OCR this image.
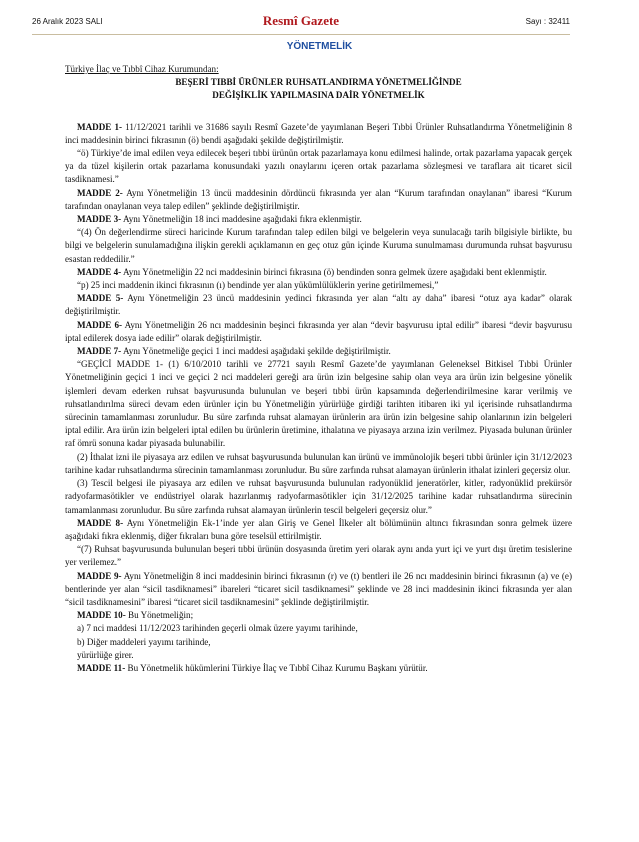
26 Aralık 2023 SALI	Resmî Gazete	Sayı : 32411
YÖNETMELİK

Türkiye İlaç ve Tıbbî Cihaz Kurumundan:

BEŞERİ TIBBİ ÜRÜNLER RUHSATLANDIRMA YÖNETMELİĞİNDE

DEĞİŞİKLİK YAPILMASINA DAİR YÖNETMELİK

MADDE 1- 11/12/2021 tarihli ve 31686 sayılı Resmî Gazete’de yayımlanan Beşeri Tıbbi Ürünler Ruhsatlandırma Yönetmeliğinin 8 inci maddesinin birinci fıkrasının (ö) bendi aşağıdaki şekilde değiştirilmiştir.

“ö) Türkiye’de imal edilen veya edilecek beşeri tıbbi ürünün ortak pazarlamaya konu edilmesi halinde, ortak pazarlama yapacak gerçek ya da tüzel kişilerin ortak pazarlama konusundaki yazılı onaylarını içeren ortak pazarlama sözleşmesi ve taraflara ait ticaret sicil tasdiknamesi.”

MADDE 2- Aynı Yönetmeliğin 13 üncü maddesinin dördüncü fıkrasında yer alan “Kurum tarafından onaylanan” ibaresi “Kurum tarafından onaylanan veya talep edilen” şeklinde değiştirilmiştir.

MADDE 3- Aynı Yönetmeliğin 18 inci maddesine aşağıdaki fıkra eklenmiştir.

“(4) Ön değerlendirme süreci haricinde Kurum tarafından talep edilen bilgi ve belgelerin veya sunulacağı tarih bilgisiyle birlikte, bu bilgi ve belgelerin sunulamadığına ilişkin gerekli açıklamanın en geç otuz gün içinde Kuruma sunulmaması durumunda ruhsat başvurusu esastan reddedilir.”

MADDE 4- Aynı Yönetmeliğin 22 nci maddesinin birinci fıkrasına (ö) bendinden sonra gelmek üzere aşağıdaki bent eklenmiştir.

“p) 25 inci maddenin ikinci fıkrasının (ı) bendinde yer alan yükümlülüklerin yerine getirilmemesi,”

MADDE 5- Aynı Yönetmeliğin 23 üncü maddesinin yedinci fıkrasında yer alan “altı ay daha” ibaresi “otuz aya kadar” olarak değiştirilmiştir.

MADDE 6- Aynı Yönetmeliğin 26 ncı maddesinin beşinci fıkrasında yer alan “devir başvurusu iptal edilir” ibaresi “devir başvurusu iptal edilerek dosya iade edilir” olarak değiştirilmiştir.

MADDE 7- Aynı Yönetmeliğe geçici 1 inci maddesi aşağıdaki şekilde değiştirilmiştir.

“GEÇİCİ MADDE 1- (1) 6/10/2010 tarihli ve 27721 sayılı Resmî Gazete’de yayımlanan Geleneksel Bitkisel Tıbbi Ürünler Yönetmeliğinin geçici 1 inci ve geçici 2 nci maddeleri gereği ara ürün izin belgesine sahip olan veya ara ürün izin belgesine yönelik işlemleri devam ederken ruhsat başvurusunda bulunulan ve beşeri tıbbi ürün kapsamında değerlendirilmesine karar verilmiş ve ruhsatlandırılma süreci devam eden ürünler için bu Yönetmeliğin yürürlüğe girdiği tarihten itibaren iki yıl içerisinde ruhsatlandırma sürecinin tamamlanması zorunludur. Bu süre zarfında ruhsat alamayan ürünlerin ara ürün izin belgesine sahip olanlarının izin belgeleri iptal edilir. Ara ürün izin belgeleri iptal edilen bu ürünlerin üretimine, ithalatına ve piyasaya arzına izin verilmez. Piyasada bulunan ürünler raf ömrü sonuna kadar piyasada bulunabilir.

(2) İthalat izni ile piyasaya arz edilen ve ruhsat başvurusunda bulunulan kan ürünü ve immünolojik beşeri tıbbi ürünler için 31/12/2023 tarihine kadar ruhsatlandırma sürecinin tamamlanması zorunludur. Bu süre zarfında ruhsat alamayan ürünlerin ithalat izinleri geçersiz olur.

(3) Tescil belgesi ile piyasaya arz edilen ve ruhsat başvurusunda bulunulan radyonüklid jeneratörler, kitler, radyonüklid prekürsör radyofarmasötikler ve endüstriyel olarak hazırlanmış radyofarmasötikler için 31/12/2025 tarihine kadar ruhsatlandırma sürecinin tamamlanması zorunludur. Bu süre zarfında ruhsat alamayan ürünlerin tescil belgeleri geçersiz olur.”

MADDE 8- Aynı Yönetmeliğin Ek-1’inde yer alan Giriş ve Genel İlkeler alt bölümünün altıncı fıkrasından sonra gelmek üzere aşağıdaki fıkra eklenmiş, diğer fıkraları buna göre teselsül ettirilmiştir.

“(7) Ruhsat başvurusunda bulunulan beşeri tıbbi ürünün dosyasında üretim yeri olarak aynı anda yurt içi ve yurt dışı üretim tesislerine yer verilemez.”

MADDE 9- Aynı Yönetmeliğin 8 inci maddesinin birinci fıkrasının (r) ve (t) bentleri ile 26 ncı maddesinin birinci fıkrasının (a) ve (e) bentlerinde yer alan “sicil tasdiknamesi” ibareleri “ticaret sicil tasdiknamesi” şeklinde ve 28 inci maddesinin ikinci fıkrasında yer alan “sicil tasdiknamesini” ibaresi “ticaret sicil tasdiknamesini” şeklinde değiştirilmiştir.

MADDE 10- Bu Yönetmeliğin;

a) 7 nci maddesi 11/12/2023 tarihinden geçerli olmak üzere yayımı tarihinde,

b) Diğer maddeleri yayımı tarihinde,

yürürlüğe girer.

MADDE 11- Bu Yönetmelik hükümlerini Türkiye İlaç ve Tıbbî Cihaz Kurumu Başkanı yürütür.
